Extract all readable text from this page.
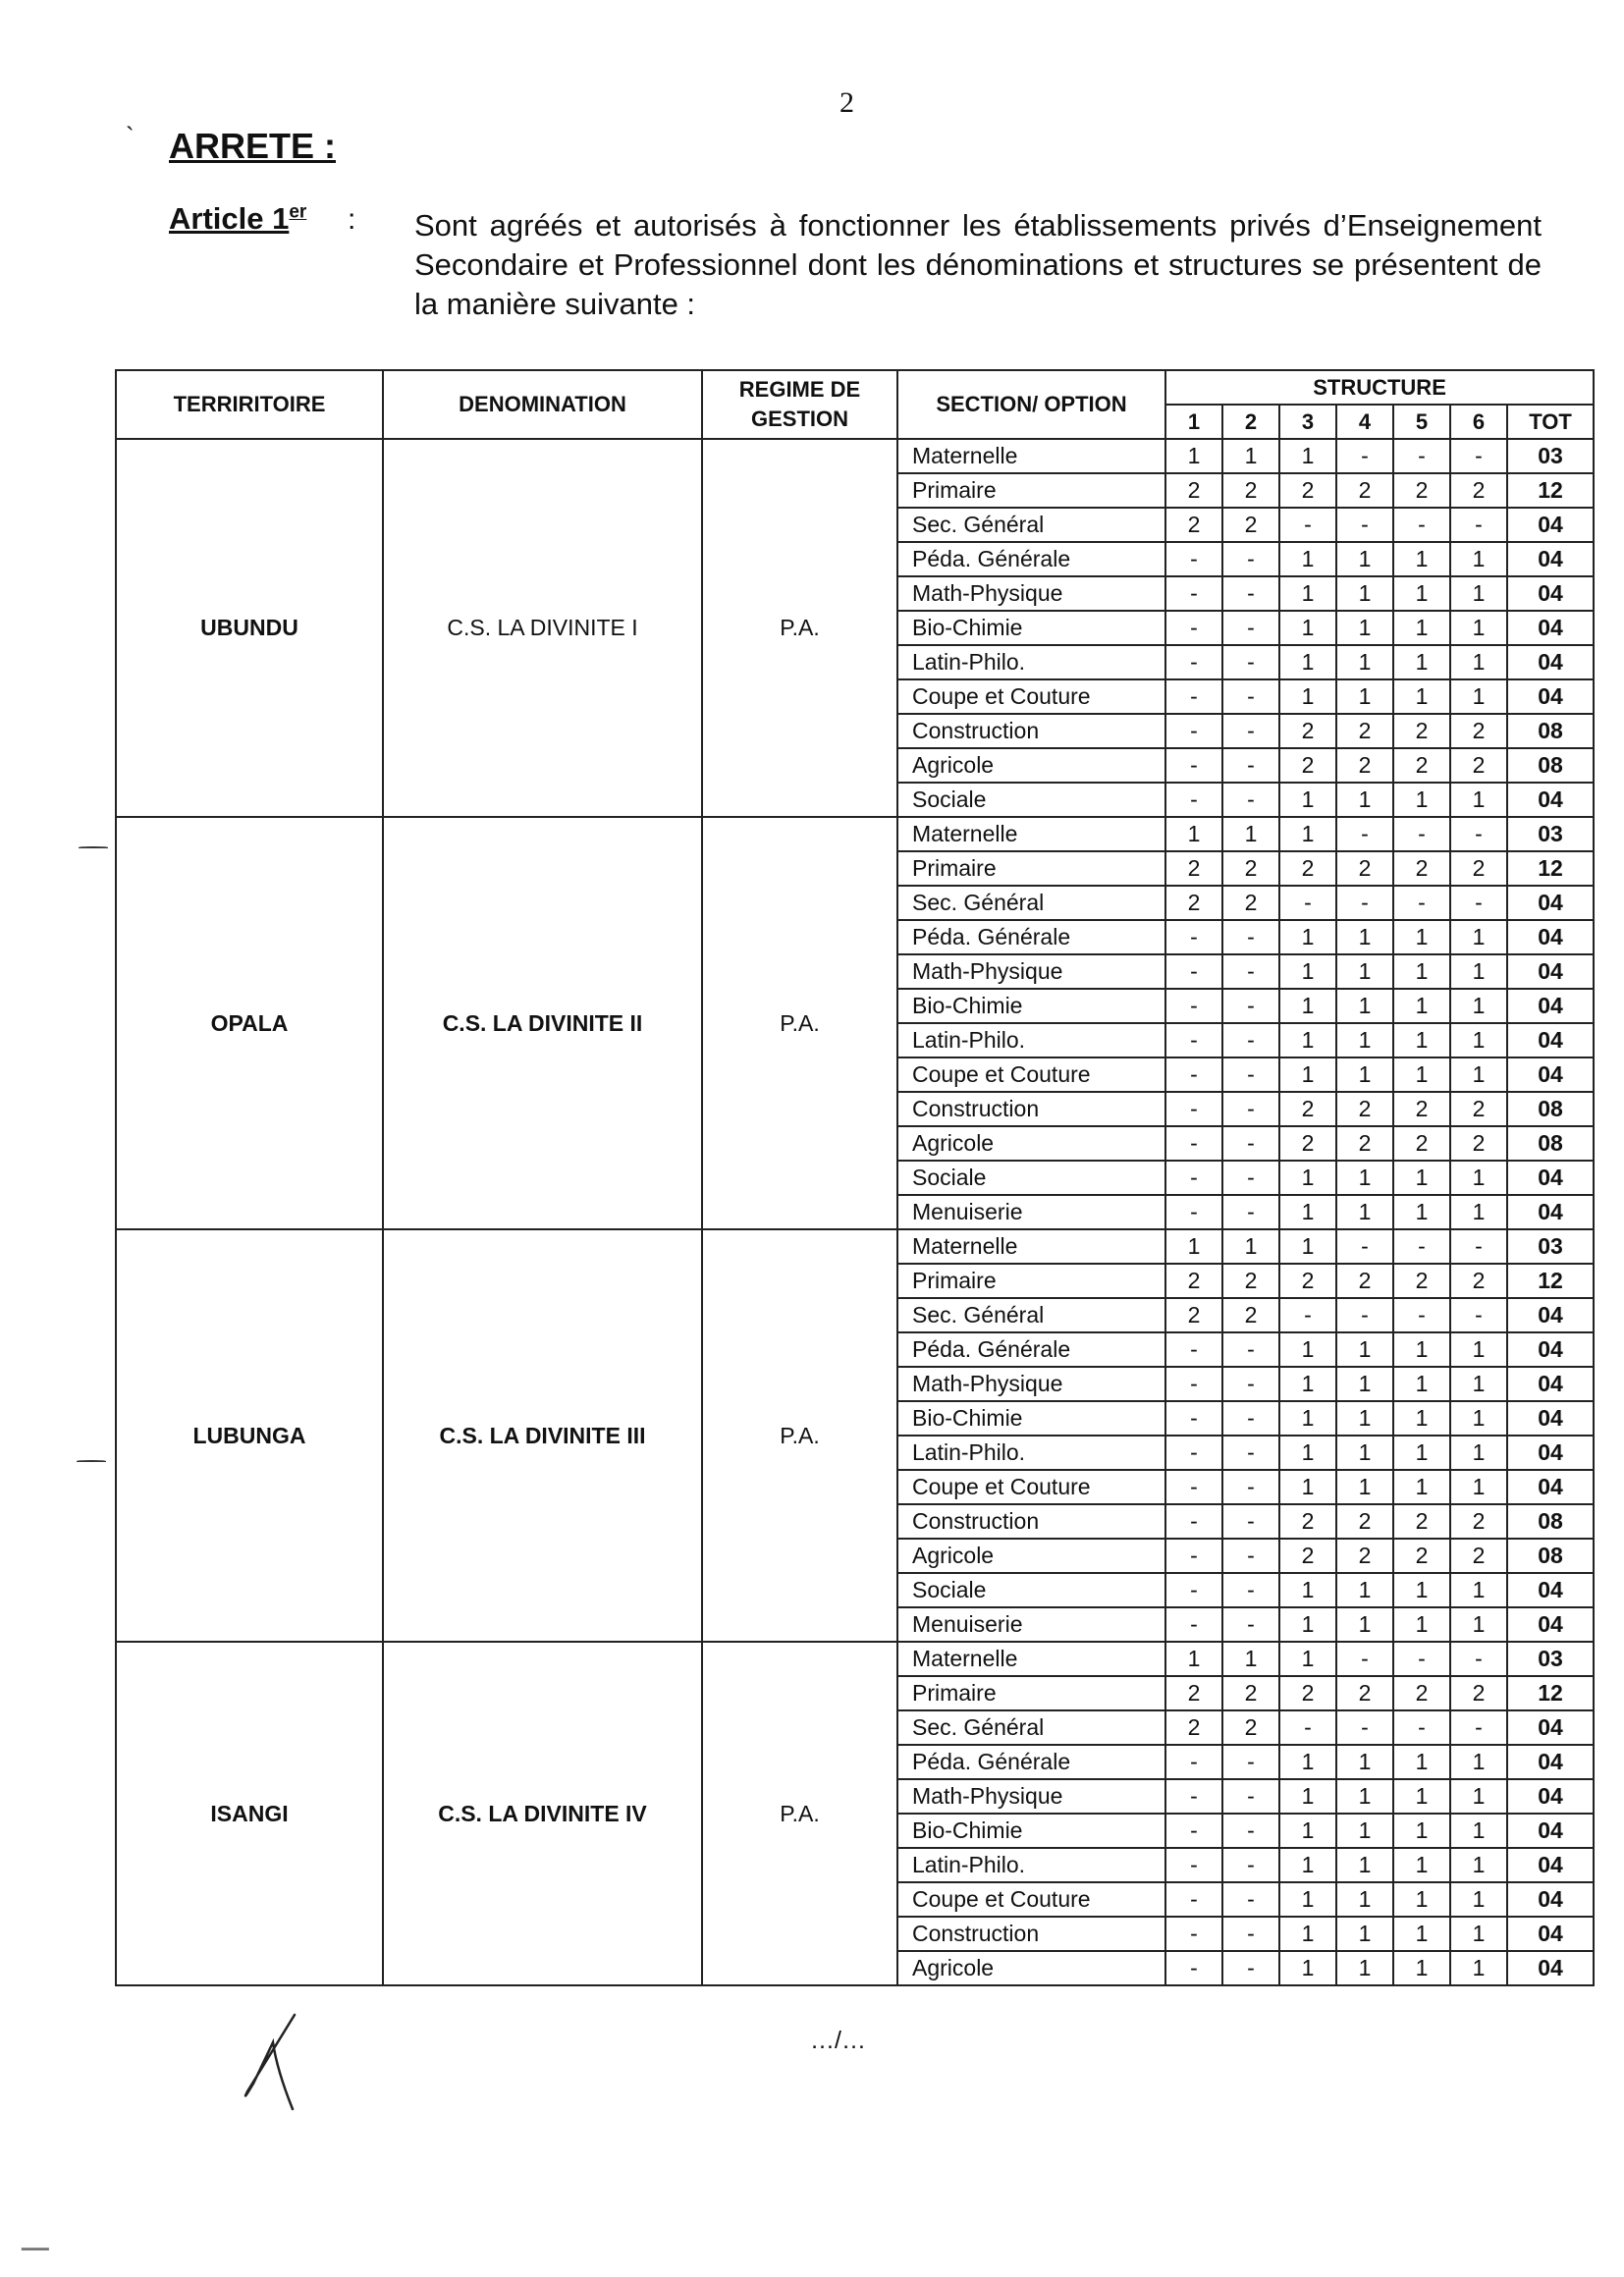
2
` ARRETE :
Article 1er : Sont agréés et autorisés à fonctionner les établissements privés d’Enseignement Secondaire et Professionnel dont les dénominations et structures se présentent de la manière suivante :
TERRIRITOIRE	DENOMINATION	REGIME DE GESTION	SECTION/ OPTION	STRUCTURE						
				1	2	3	4	5	6	TOT
UBUNDU	C.S. LA DIVINITE I	P.A.	Maternelle	1	1	1	-	-	-	03
			Primaire	2	2	2	2	2	2	12
			Sec. Général	2	2	-	-	-	-	04
			Péda. Générale	-	-	1	1	1	1	04
			Math-Physique	-	-	1	1	1	1	04
			Bio-Chimie	-	-	1	1	1	1	04
			Latin-Philo.	-	-	1	1	1	1	04
			Coupe et Couture	-	-	1	1	1	1	04
			Construction	-	-	2	2	2	2	08
			Agricole	-	-	2	2	2	2	08
			Sociale	-	-	1	1	1	1	04
OPALA	C.S. LA DIVINITE II	P.A.	Maternelle	1	1	1	-	-	-	03
			Primaire	2	2	2	2	2	2	12
			Sec. Général	2	2	-	-	-	-	04
			Péda. Générale	-	-	1	1	1	1	04
			Math-Physique	-	-	1	1	1	1	04
			Bio-Chimie	-	-	1	1	1	1	04
			Latin-Philo.	-	-	1	1	1	1	04
			Coupe et Couture	-	-	1	1	1	1	04
			Construction	-	-	2	2	2	2	08
			Agricole	-	-	2	2	2	2	08
			Sociale	-	-	1	1	1	1	04
			Menuiserie	-	-	1	1	1	1	04
LUBUNGA	C.S. LA DIVINITE III	P.A.	Maternelle	1	1	1	-	-	-	03
			Primaire	2	2	2	2	2	2	12
			Sec. Général	2	2	-	-	-	-	04
			Péda. Générale	-	-	1	1	1	1	04
			Math-Physique	-	-	1	1	1	1	04
			Bio-Chimie	-	-	1	1	1	1	04
			Latin-Philo.	-	-	1	1	1	1	04
			Coupe et Couture	-	-	1	1	1	1	04
			Construction	-	-	2	2	2	2	08
			Agricole	-	-	2	2	2	2	08
			Sociale	-	-	1	1	1	1	04
			Menuiserie	-	-	1	1	1	1	04
ISANGI	C.S. LA DIVINITE IV	P.A.	Maternelle	1	1	1	-	-	-	03
			Primaire	2	2	2	2	2	2	12
			Sec. Général	2	2	-	-	-	-	04
			Péda. Générale	-	-	1	1	1	1	04
			Math-Physique	-	-	1	1	1	1	04
			Bio-Chimie	-	-	1	1	1	1	04
			Latin-Philo.	-	-	1	1	1	1	04
			Coupe et Couture	-	-	1	1	1	1	04
			Construction	-	-	1	1	1	1	04
			Agricole	-	-	1	1	1	1	04
…/…
▔▔
